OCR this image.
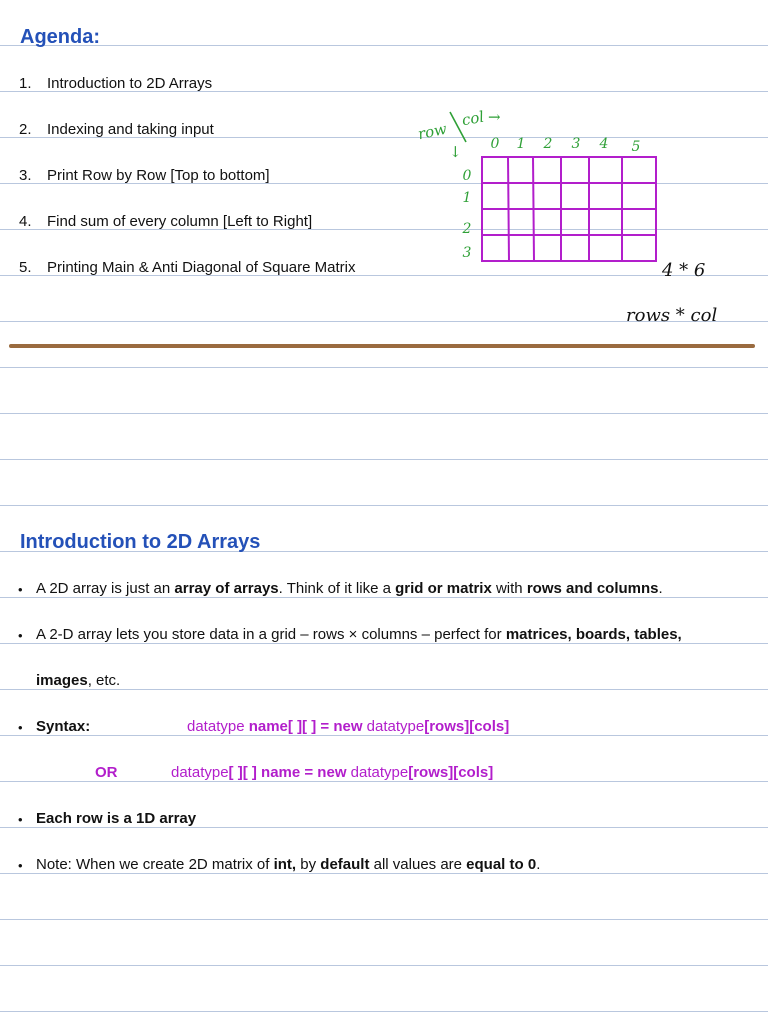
Agenda:
1. Introduction to 2D Arrays
2. Indexing and taking input
3. Print Row by Row [Top to bottom]
4. Find sum of every column [Left to Right]
5. Printing Main & Anti Diagonal of Square Matrix
row
col →
↓ 0 1 2 3 4 5
0
1
2
3
4 * 6
rows * col
Introduction to 2D Arrays
• A 2D array is just an array of arrays. Think of it like a grid or matrix with rows and columns.
• A 2-D array lets you store data in a grid – rows × columns – perfect for matrices, boards, tables,
images, etc.
• Syntax:	datatype name[ ][ ] = new datatype[rows][cols]
OR	datatype[ ][ ] name = new datatype[rows][cols]
• Each row is a 1D array
• Note: When we create 2D matrix of int, by default all values are equal to 0.
